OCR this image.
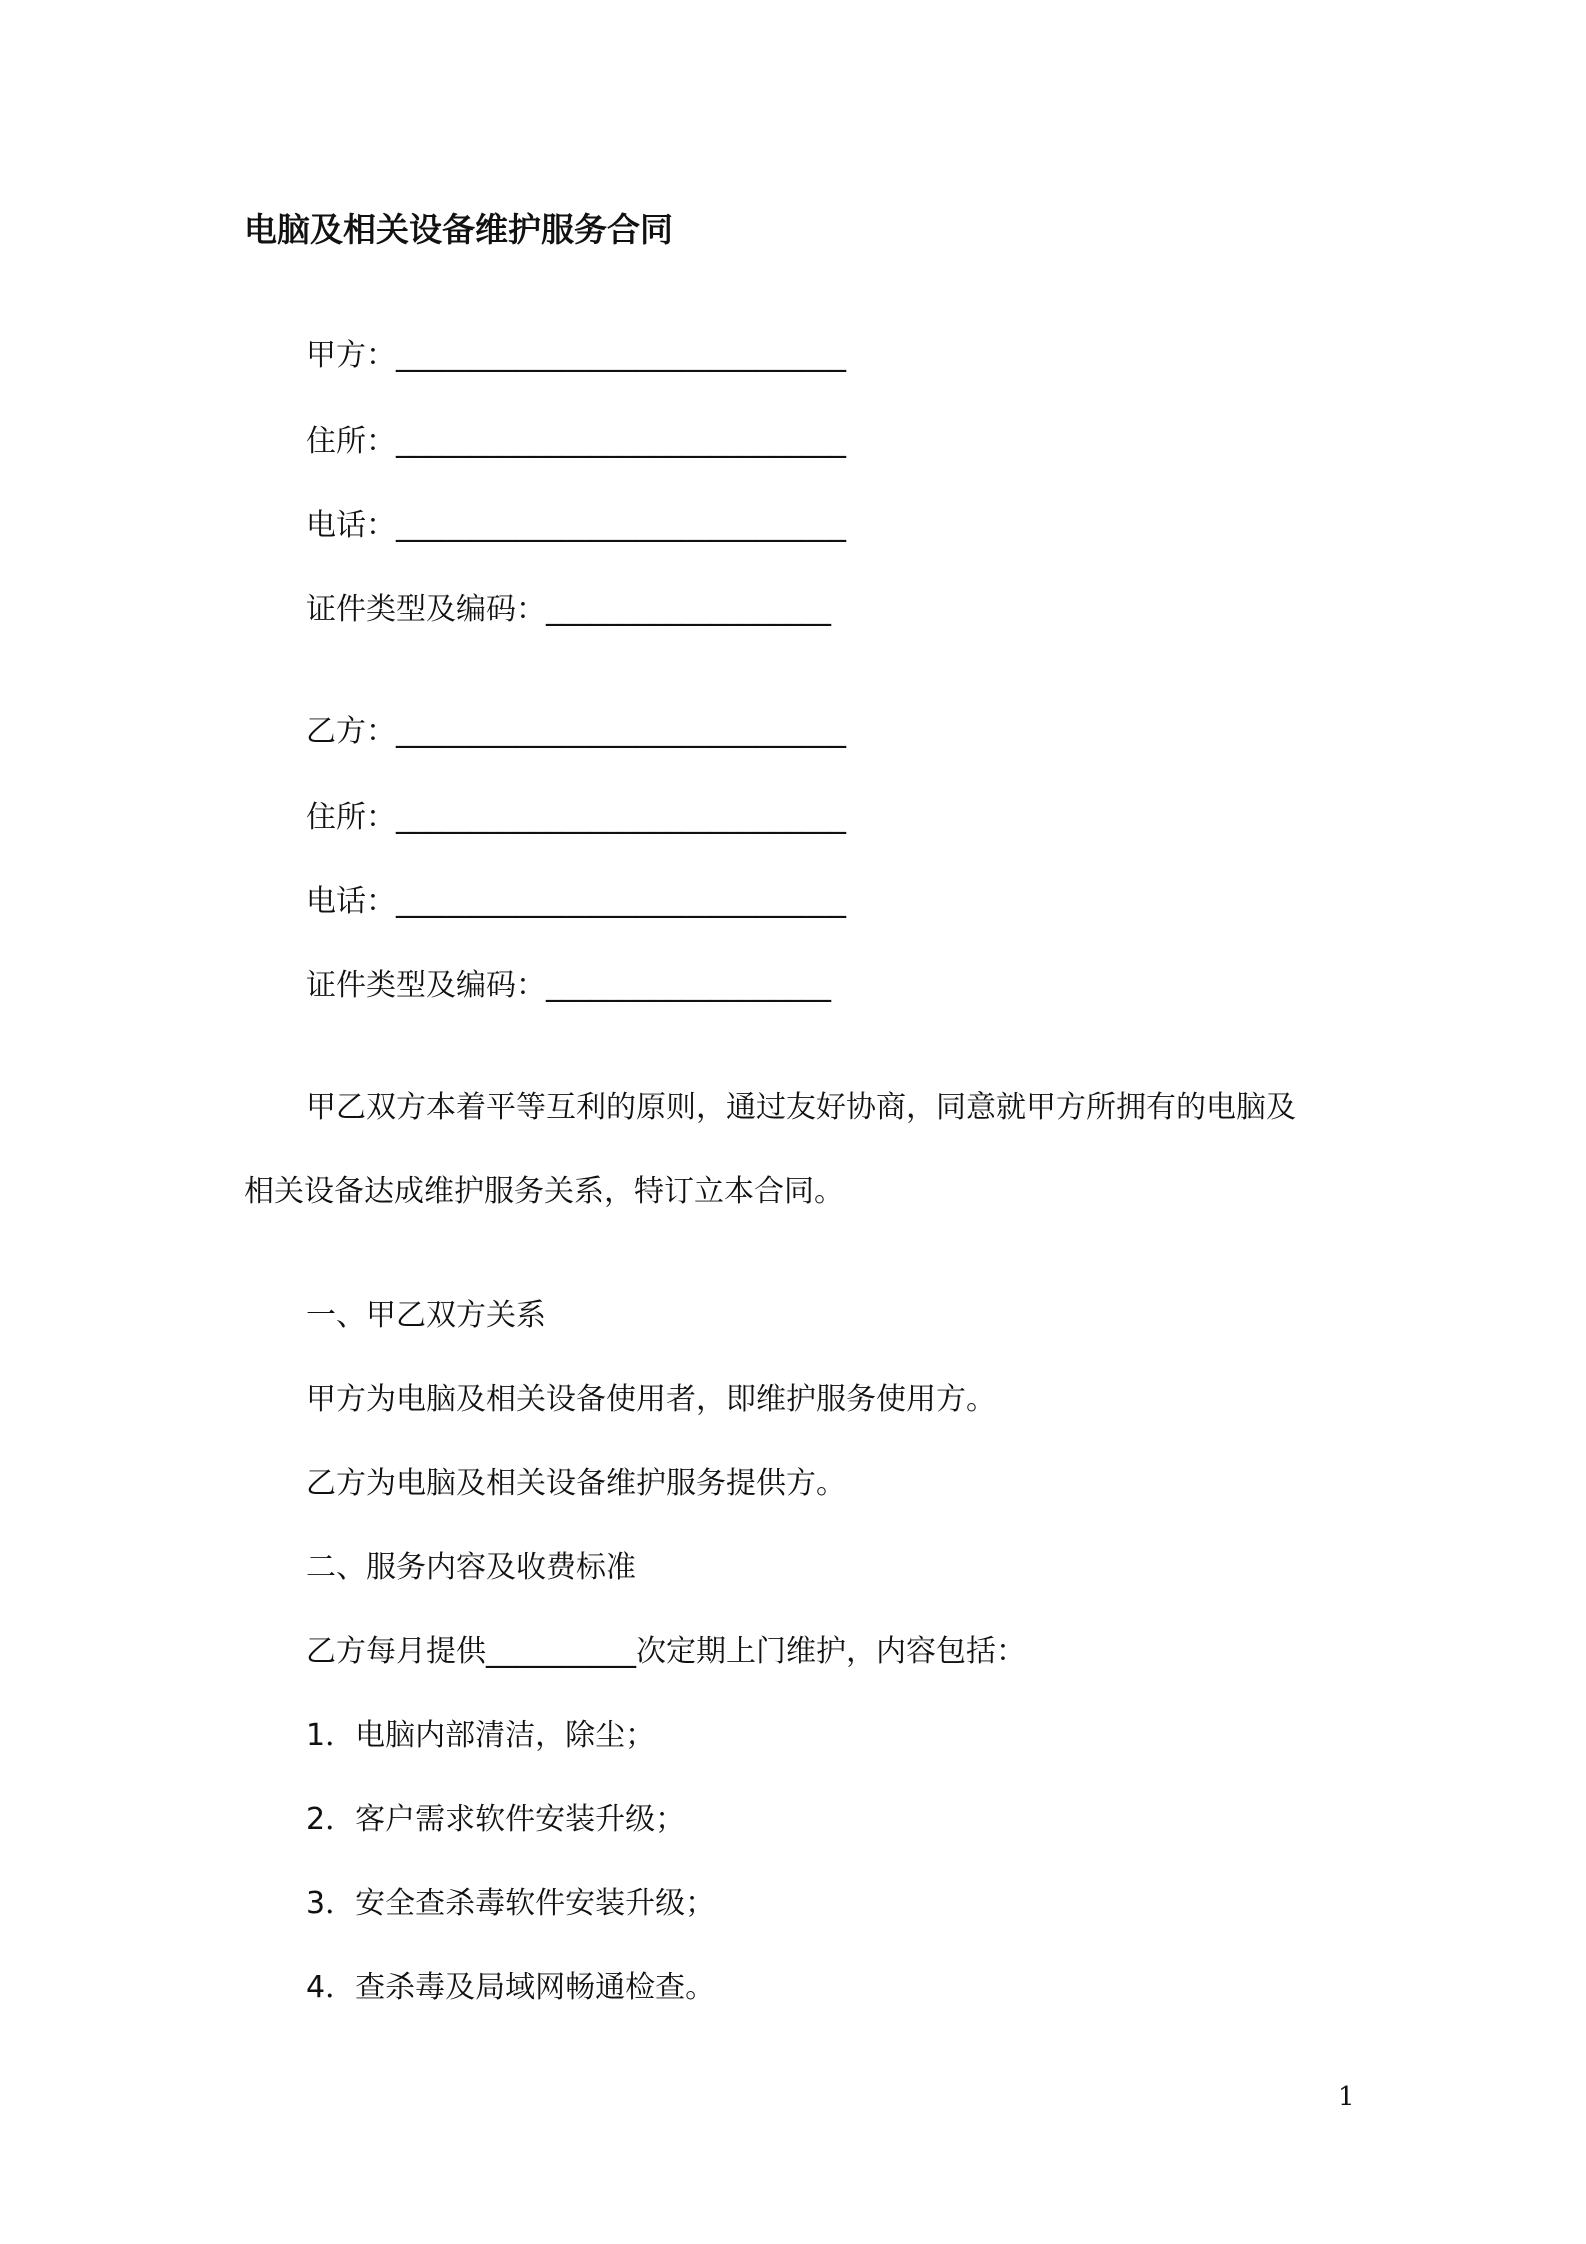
电脑及相关设备维护服务合同
甲方：______________________________
住所：______________________________
电话：______________________________
证件类型及编码：___________________
乙方：______________________________
住所：______________________________
电话：______________________________
证件类型及编码：___________________
甲乙双方本着平等互利的原则，通过友好协商，同意就甲方所拥有的电脑及
相关设备达成维护服务关系，特订立本合同。
一、甲乙双方关系
甲方为电脑及相关设备使用者，即维护服务使用方。
乙方为电脑及相关设备维护服务提供方。
二、服务内容及收费标准
乙方每月提供__________次定期上门维护，内容包括：
1．电脑内部清洁，除尘；
2．客户需求软件安装升级；
3．安全查杀毒软件安装升级；
4．查杀毒及局域网畅通检查。
1
